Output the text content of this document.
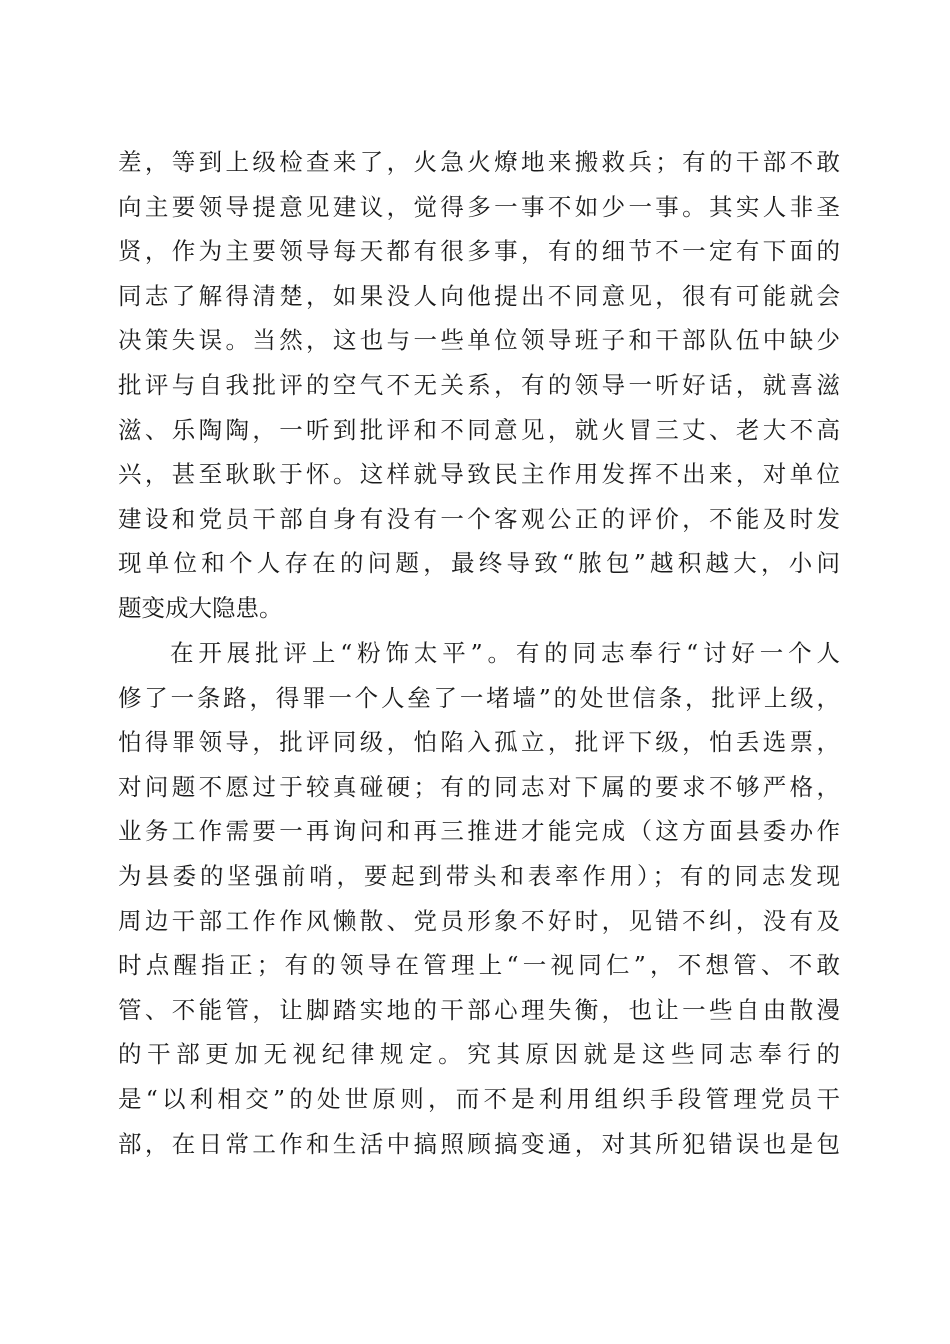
差，等到上级检查来了，火急火燎地来搬救兵；有的干部不敢
向主要领导提意见建议，觉得多一事不如少一事。其实人非圣
贤，作为主要领导每天都有很多事，有的细节不一定有下面的
同志了解得清楚，如果没人向他提出不同意见，很有可能就会
决策失误。当然，这也与一些单位领导班子和干部队伍中缺少
批评与自我批评的空气不无关系，有的领导一听好话，就喜滋
滋、乐陶陶，一听到批评和不同意见，就火冒三丈、老大不高
兴，甚至耿耿于怀。这样就导致民主作用发挥不出来，对单位
建设和党员干部自身有没有一个客观公正的评价，不能及时发
现单位和个人存在的问题，最终导致“脓包”越积越大，小问
题变成大隐患。
在开展批评上“粉饰太平”。有的同志奉行“讨好一个人
修了一条路，得罪一个人垒了一堵墙”的处世信条，批评上级，
怕得罪领导，批评同级，怕陷入孤立，批评下级，怕丢选票，
对问题不愿过于较真碰硬；有的同志对下属的要求不够严格，
业务工作需要一再询问和再三推进才能完成（这方面县委办作
为县委的坚强前哨，要起到带头和表率作用）；有的同志发现
周边干部工作作风懒散、党员形象不好时，见错不纠，没有及
时点醒指正；有的领导在管理上“一视同仁”，不想管、不敢
管、不能管，让脚踏实地的干部心理失衡，也让一些自由散漫
的干部更加无视纪律规定。究其原因就是这些同志奉行的
是“以利相交”的处世原则，而不是利用组织手段管理党员干
部，在日常工作和生活中搞照顾搞变通，对其所犯错误也是包
